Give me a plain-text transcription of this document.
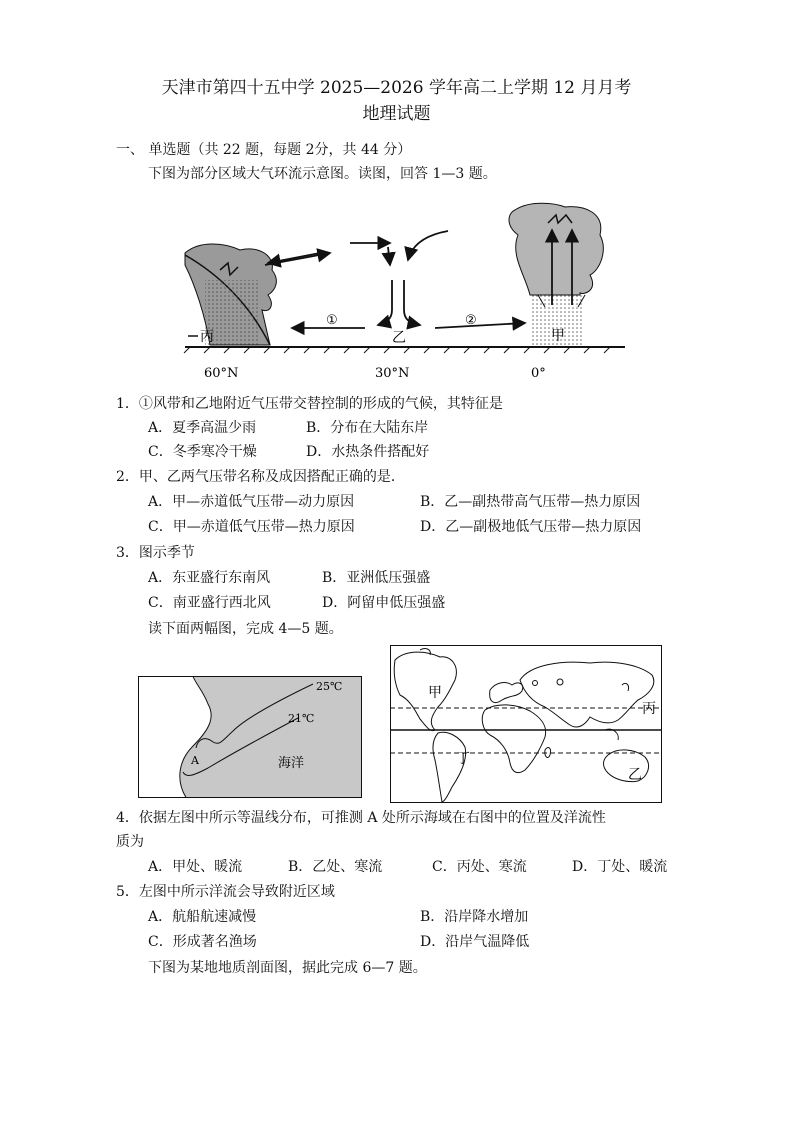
天津市第四十五中学 2025—2026 学年高二上学期 12 月月考
地理试题
一、 单选题（共 22 题，每题 2分，共 44 分）
下图为部分区域大气环流示意图。读图，回答 1—3 题。
丙	乙	甲
①	②
60°N	30°N	0°
1．①风带和乙地附近气压带交替控制的形成的气候，其特征是
A．夏季高温少雨	B．分布在大陆东岸
C．冬季寒冷干燥	D．水热条件搭配好
2．甲、乙两气压带名称及成因搭配正确的是．
A．甲—赤道低气压带—动力原因	B．乙—副热带高气压带—热力原因
C．甲—赤道低气压带—热力原因	D．乙—副极地低气压带—热力原因
3．图示季节
A．东亚盛行东南风	B．亚洲低压强盛
C．南亚盛行西北风	D．阿留申低压强盛
读下面两幅图，完成 4—5 题。
25℃
21℃
A	海洋
甲
丙
丁
乙
4．依据左图中所示等温线分布，可推测 A 处所示海域在右图中的位置及洋流性
质为
A．甲处、暖流	B．乙处、寒流	C．丙处、寒流	D．丁处、暖流
5．左图中所示洋流会导致附近区域
A．航船航速减慢	B．沿岸降水增加
C．形成著名渔场	D．沿岸气温降低
下图为某地地质剖面图，据此完成 6—7 题。
